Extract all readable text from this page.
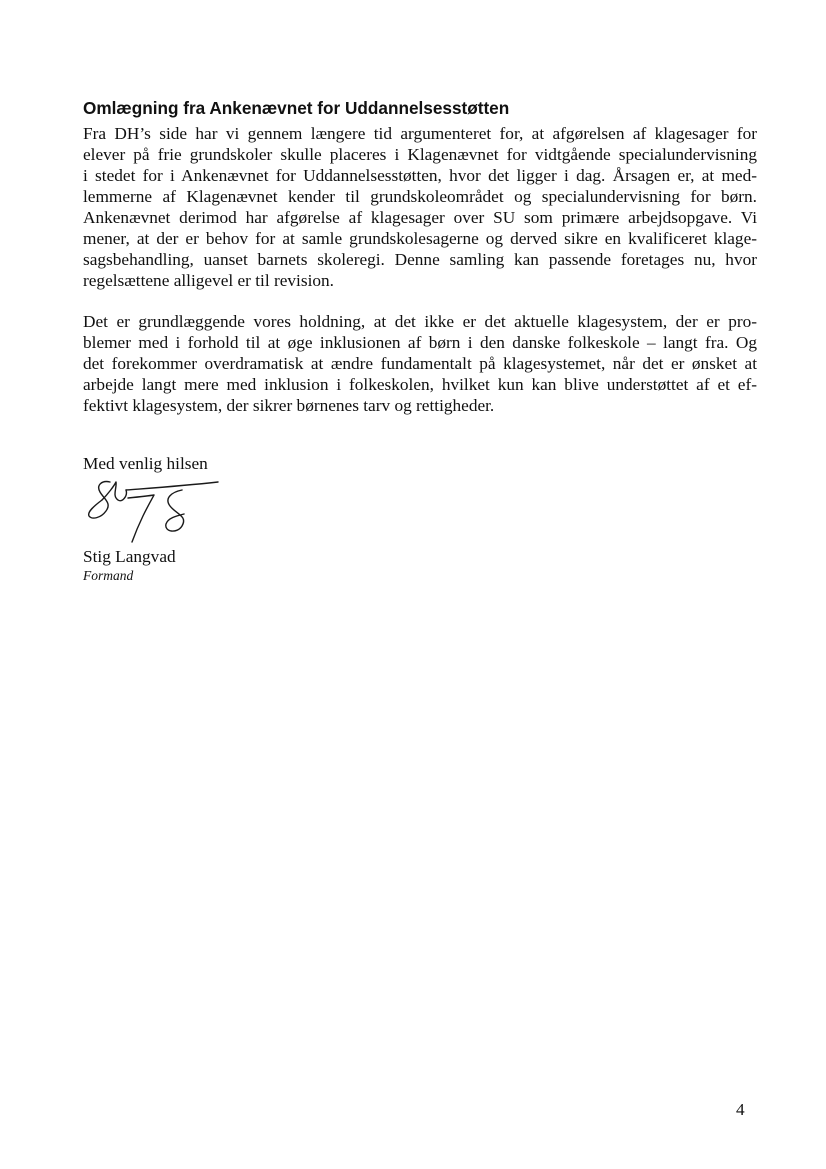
Omlægning fra Ankenævnet for Uddannelsesstøtten

Fra DH’s side har vi gennem længere tid argumenteret for, at afgørelsen af klagesager for
elever på frie grundskoler skulle placeres i Klagenævnet for vidtgående specialundervisning
i stedet for i Ankenævnet for Uddannelsesstøtten, hvor det ligger i dag. Årsagen er, at med-
lemmerne af Klagenævnet kender til grundskoleområdet og specialundervisning for børn.
Ankenævnet derimod har afgørelse af klagesager over SU som primære arbejdsopgave. Vi
mener, at der er behov for at samle grundskolesagerne og derved sikre en kvalificeret klage-
sagsbehandling, uanset barnets skoleregi. Denne samling kan passende foretages nu, hvor
regelsættene alligevel er til revision.

Det er grundlæggende vores holdning, at det ikke er det aktuelle klagesystem, der er pro-
blemer med i forhold til at øge inklusionen af børn i den danske folkeskole – langt fra. Og
det forekommer overdramatisk at ændre fundamentalt på klagesystemet, når det er ønsket at
arbejde langt mere med inklusion i folkeskolen, hvilket kun kan blive understøttet af et ef-
fektivt klagesystem, der sikrer børnenes tarv og rettigheder.

Med venlig hilsen

Stig Langvad

Formand

4
